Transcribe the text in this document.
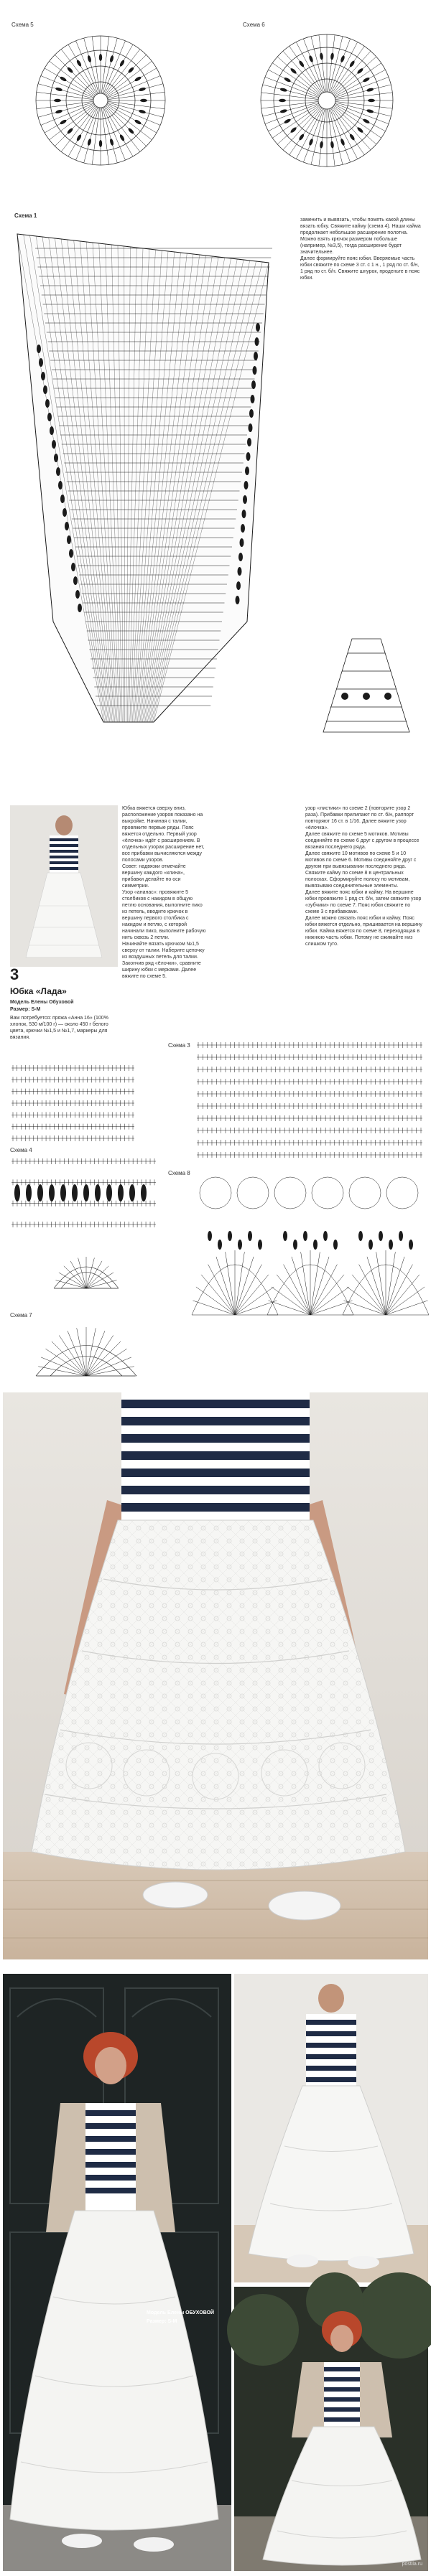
Схема 5	Схема 6
Схема 1
заменить и вывязать, чтобы помять какой длины вязать юбку. Свяжите кайму (схема 4). Наши кайма продолжает небольшое расширение полотна. Можно взять крючок размером побольше (например, №3,5), тогда расширение будет значительнее.
Далее формируйте пояс юбки. Вверяемые часть юбки свяжите по схеме 3 ст. с 1 н., 1 ряд по ст. б/н, 1 ряд по ст. б/н. Свяжите шнурок, проденьте в пояс юбки.
Юбка вяжется сверху вниз, расположение узоров показано на выкройке. Начиная с талии, провяжите первые ряды. Пояс вяжется отдельно. Первый узор «ёлочка» идёт с расширением. В отдельных узорах расширение нет, все прибавки вычисляются между полосами узоров.
Совет: надвязки отмечайте вершину каждого «клина», прибавки делайте по оси симметрии.
Узор «ананас»: провяжите 5 столбиков с накидом в общую петлю основания, выполните пико из петель, вводите крючок в вершину первого столбика с накидом и петлю, с которой начинали пико, выполните рабочую нить сквозь 2 петли.
Начинайте вязать крючком №1,5 сверху от талии. Наберите цепочку из воздушных петель для талии. Закончив ряд «ёлочки», сравните ширину юбки с мерками. Далее вяжите по схеме 5.
узор «листики» по схеме 2 (повторите узор 2 раза). Прибавки прилипают по ст. б/н, раппорт повторяют 16 ст. в 1/16. Далее вяжите узор «ёлочка».
Далее свяжите по схеме 5 мотиков. Мотивы соединяйте по схеме 6 друг с другом в процессе вязания последнего ряда.
Далее свяжите 10 мотивов по схеме 5 и 10 мотивов по схеме 6. Мотивы соединяйте друг с другом при вывязывании последнего ряда. Свяжите кайму по схеме 8 в центральных полосках. Сформируйте полосу по мотивам, вывязываю соединительные элементы.
Далее вяжите пояс юбки и кайму. На вершине юбки провяжите 1 ряд ст. б/н, затем свяжите узор «зубчики» по схеме 7. Пояс юбки свяжите по схеме 3 с прибавками.
Далее можно связать пояс юбки и кайму. Пояс юбки вяжется отдельно, пришивается на вершину юбки. Кайма вяжется по схеме 8, переходящая в нижнюю часть юбки. Потому не сжимайте низ слишком туго.
3
Юбка «Лада»
Модель Елены Обуховой
Размер: S-M
Вам потребуется: пряжа «Анна 16» (100% хлопок, 530 м/100 г) — около 450 г белого цвета, крючки №1,5 и №1,7, маркеры для вязания.
Схема 3
Схема 4
Схема 8
Схема 7
Модель Елены ОБУХОВОЙ
Размер: S-M
postila.ru
